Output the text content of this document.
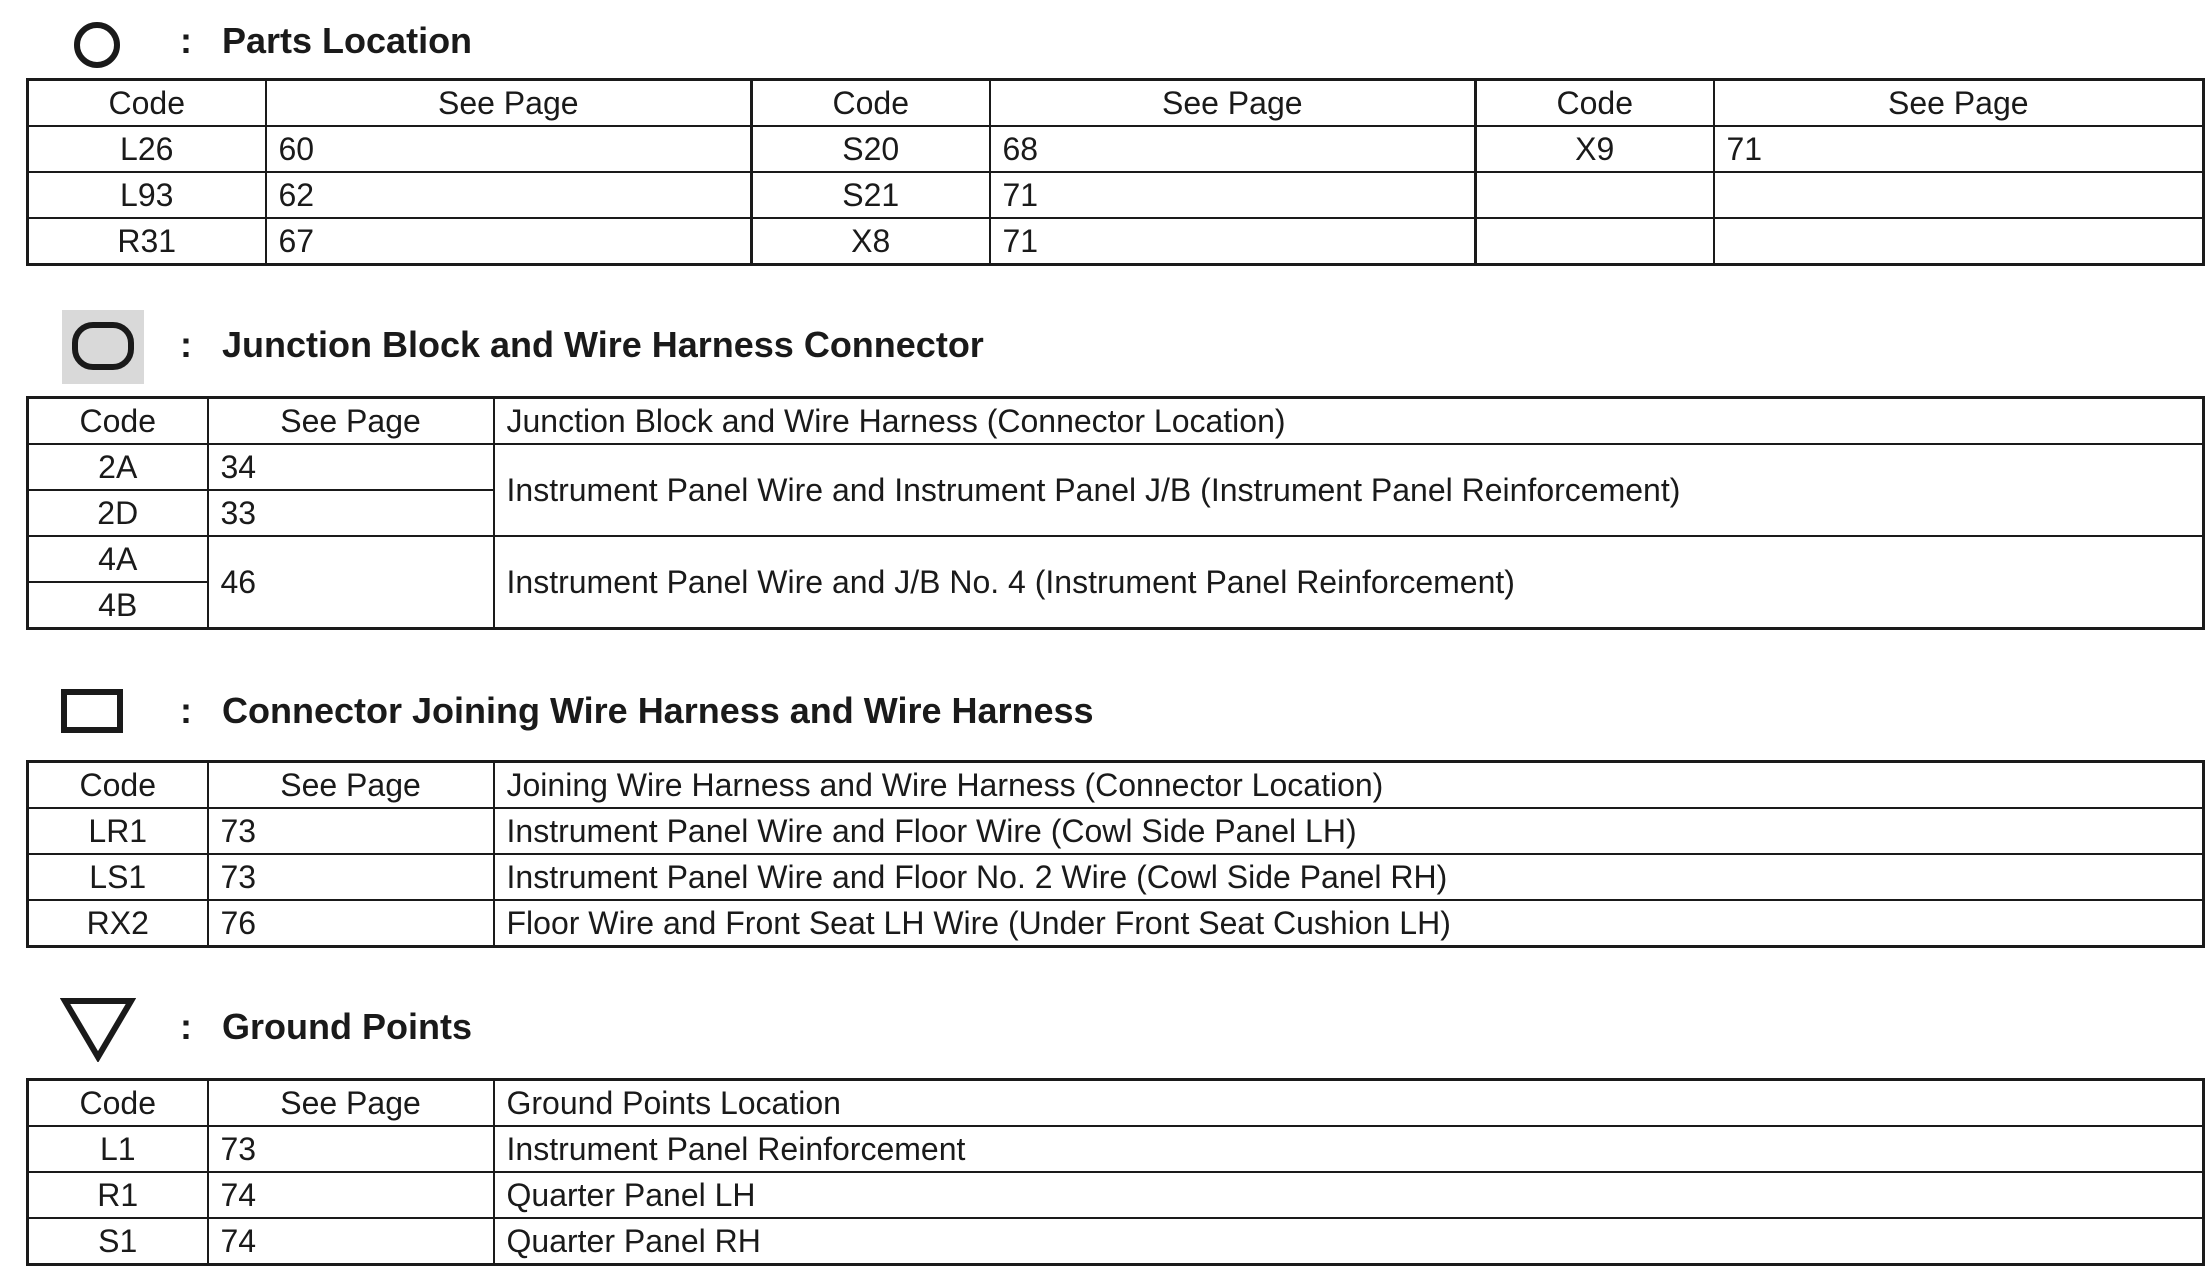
: Parts Location
Code	See Page	Code	See Page	Code	See Page
L26	60	S20	68	X9	71
L93	62	S21	71		
R31	67	X8	71		
: Junction Block and Wire Harness Connector
Code	See Page	Junction Block and Wire Harness (Connector Location)
2A	34	Instrument Panel Wire and Instrument Panel J/B (Instrument Panel Reinforcement)
2D	33	
4A	46	Instrument Panel Wire and J/B No. 4 (Instrument Panel Reinforcement)
4B		
: Connector Joining Wire Harness and Wire Harness
Code	See Page	Joining Wire Harness and Wire Harness (Connector Location)
LR1	73	Instrument Panel Wire and Floor Wire (Cowl Side Panel LH)
LS1	73	Instrument Panel Wire and Floor No. 2 Wire (Cowl Side Panel RH)
RX2	76	Floor Wire and Front Seat LH Wire (Under Front Seat Cushion LH)
: Ground Points
Code	See Page	Ground Points Location
L1	73	Instrument Panel Reinforcement
R1	74	Quarter Panel LH
S1	74	Quarter Panel RH
